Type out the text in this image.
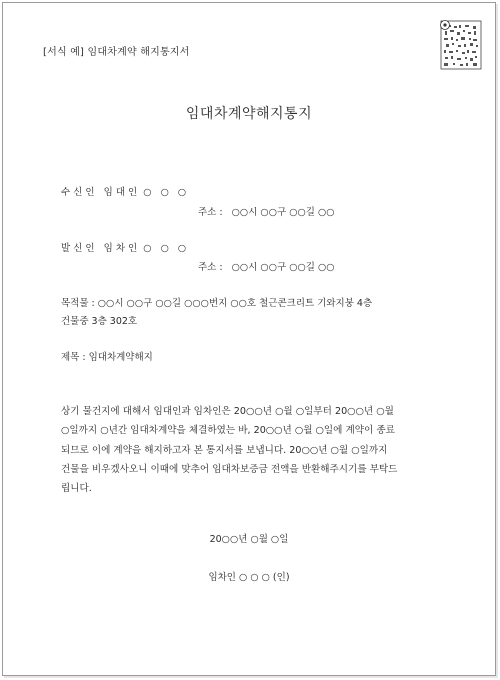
[서식 예] 임대차계약 해지통지서
임대차계약해지통지
수 신 인 임 대 인 ○ ○ ○
주소 : ○○시 ○○구 ○○길 ○○
발 신 인 임 차 인 ○ ○ ○
주소 : ○○시 ○○구 ○○길 ○○
목적물 : ○○시 ○○구 ○○길 ○○○번지 ○○호 철근콘크리트 기와지붕 4층
건물중 3층 302호
제목 : 임대차계약해지
상기 물건지에 대해서 임대인과 임차인은 20○○년 ○월 ○일부터 20○○년 ○월
○일까지 ○년간 임대차계약을 체결하였는 바, 20○○년 ○월 ○일에 계약이 종료
되므로 이에 계약을 해지하고자 본 통지서를 보냅니다. 20○○년 ○월 ○일까지
건물을 비우겠사오니 이때에 맞추어 임대차보증금 전액을 반환해주시기를 부탁드
립니다.
20○○년 ○월 ○일
임차인 ○ ○ ○ (인)
